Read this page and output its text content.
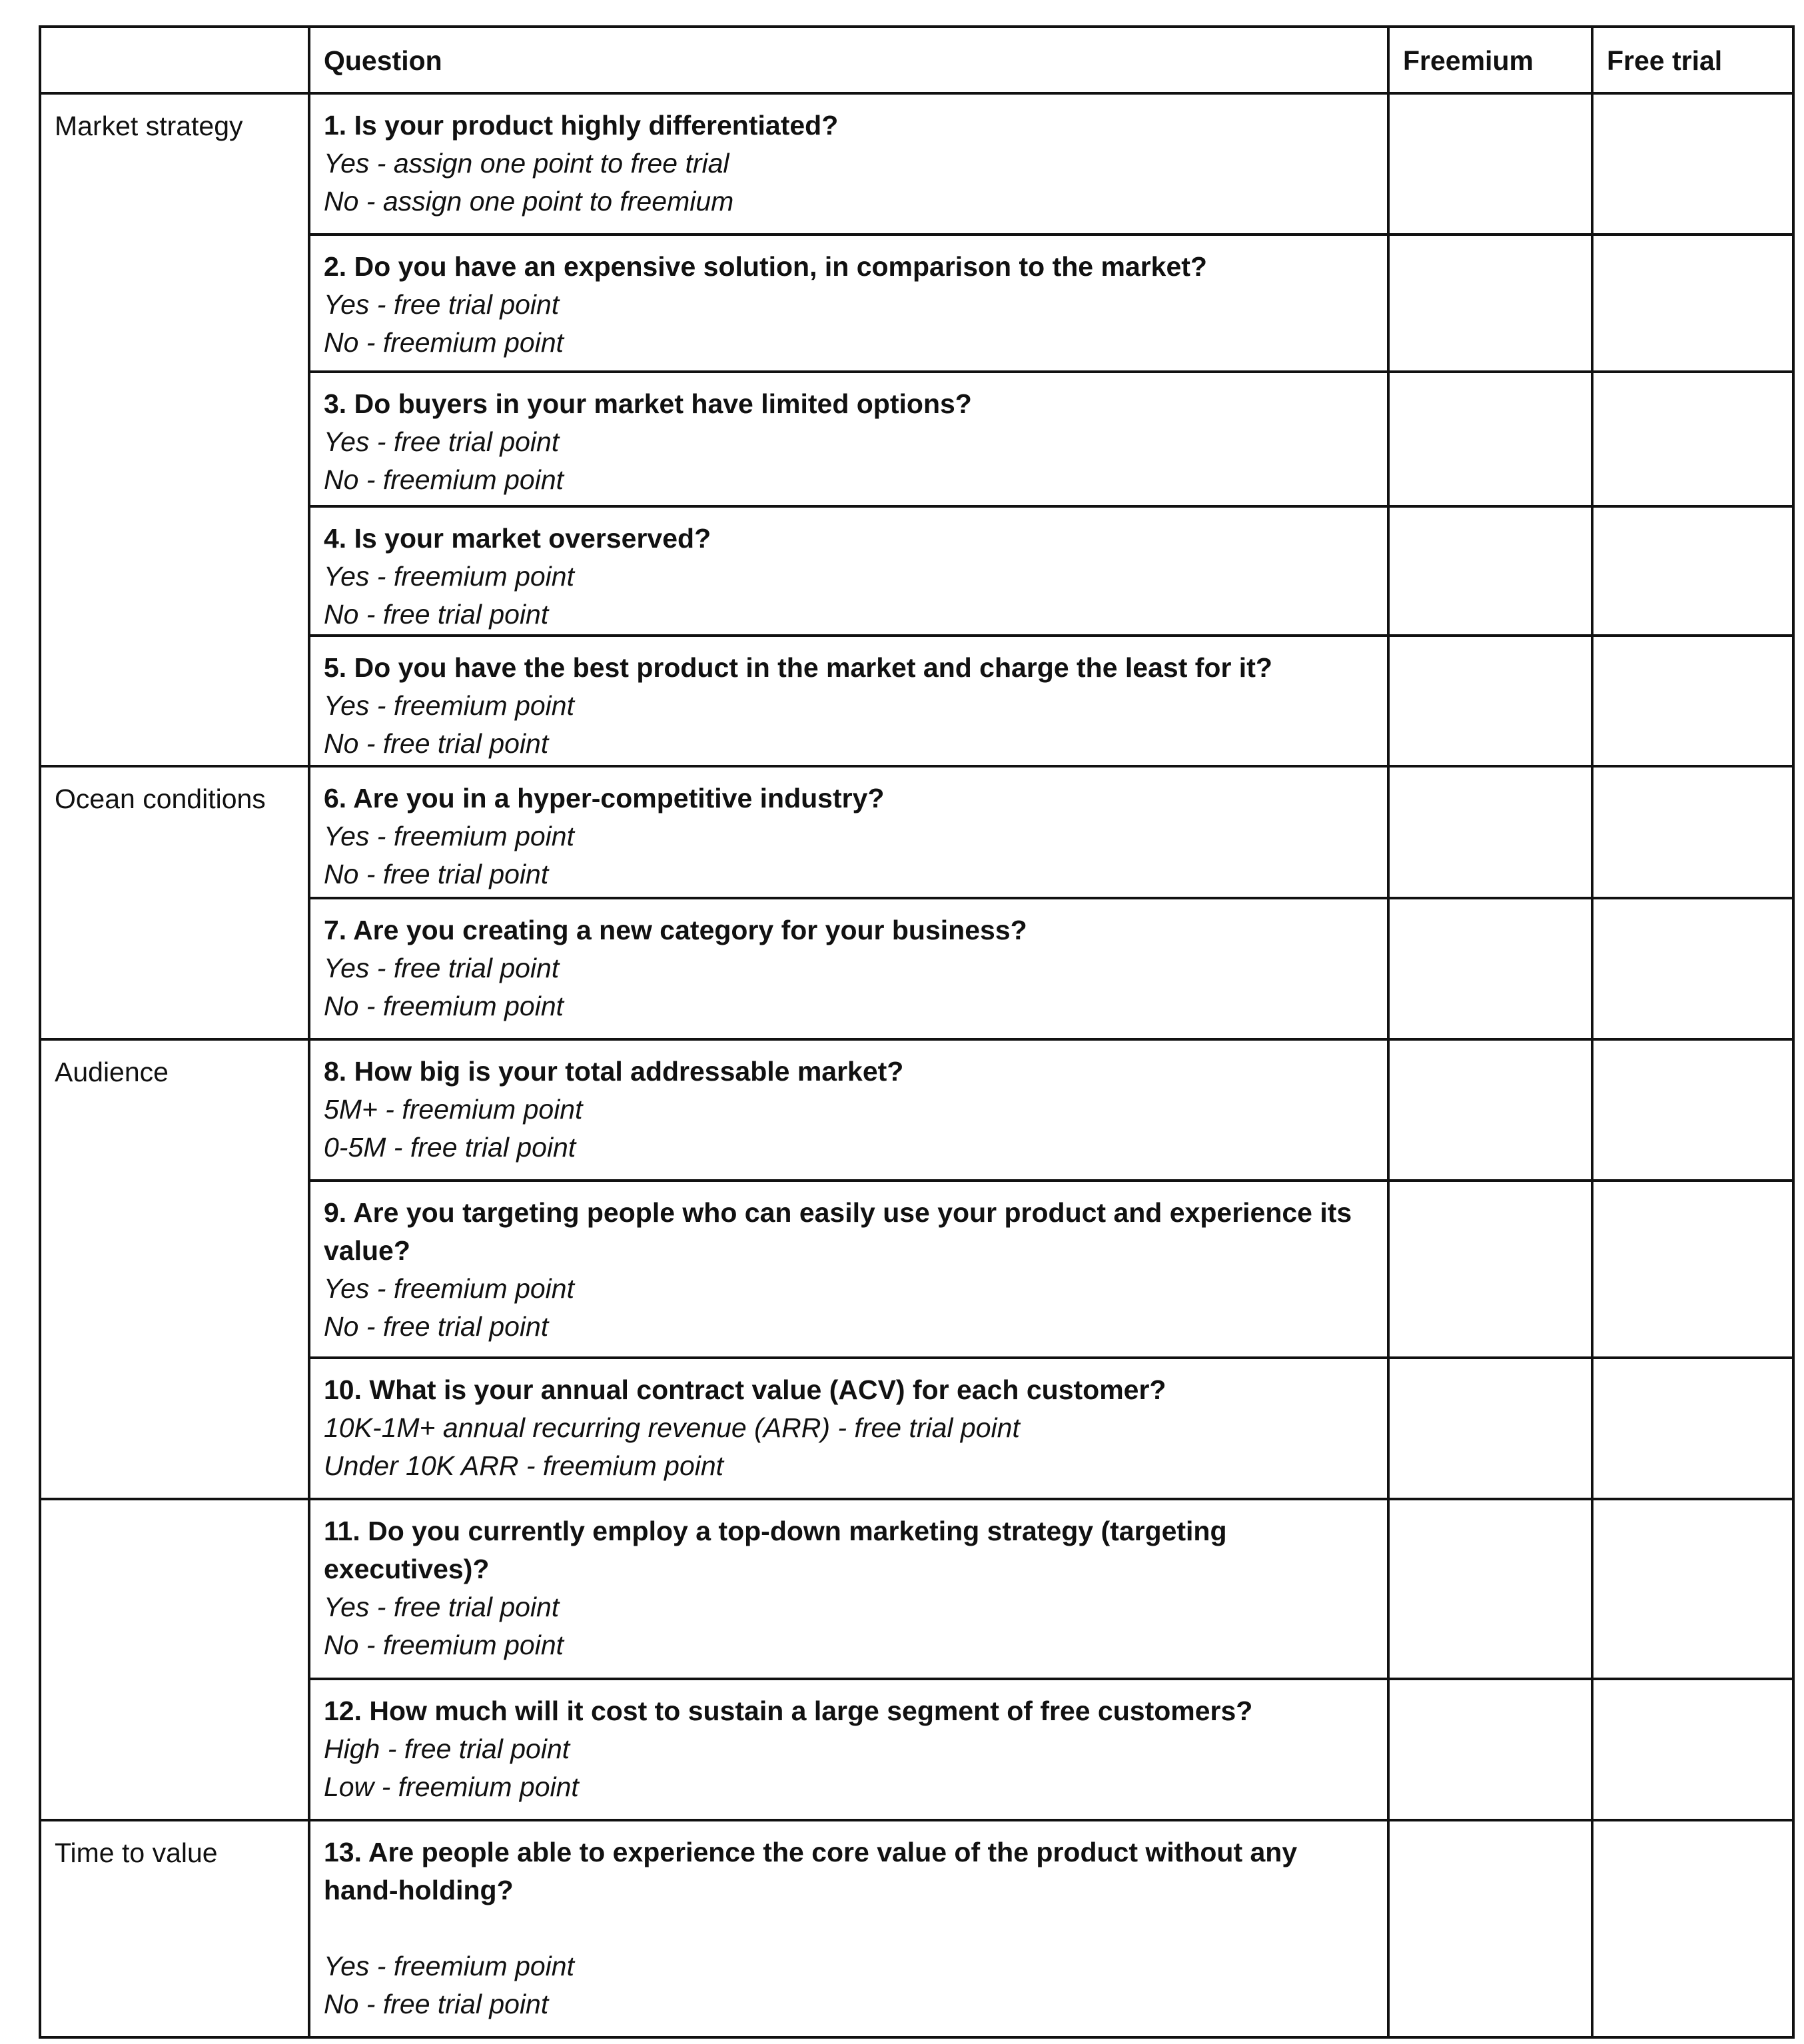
	Question	Freemium	Free trial
Market strategy	1. Is your product highly differentiated?

Yes - assign one point to free trial

No - assign one point to freemium		

	2. Do you have an expensive solution, in comparison to the market?

Yes - free trial point

No - freemium point		

	3. Do buyers in your market have limited options?

Yes - free trial point

No - freemium point		

	4. Is your market overserved?

Yes - freemium point

No - free trial point		

	5. Do you have the best product in the market and charge the least for it?

Yes - freemium point

No - free trial point		

Ocean conditions	6. Are you in a hyper-competitive industry?

Yes - freemium point

No - free trial point		

	7. Are you creating a new category for your business?

Yes - free trial point

No - freemium point		

Audience	8. How big is your total addressable market?

5M+ - freemium point

0-5M - free trial point		

	9. Are you targeting people who can easily use your product and experience its value?

Yes - freemium point

No - free trial point		

	10. What is your annual contract value (ACV) for each customer?

10K-1M+ annual recurring revenue (ARR) - free trial point

Under 10K ARR - freemium point		

	11. Do you currently employ a top-down marketing strategy (targeting executives)?

Yes - free trial point

No - freemium point		

	12. How much will it cost to sustain a large segment of free customers?

High - free trial point

Low - freemium point		

Time to value	13. Are people able to experience the core value of the product without any hand-holding?

Yes - freemium point

No - free trial point		
